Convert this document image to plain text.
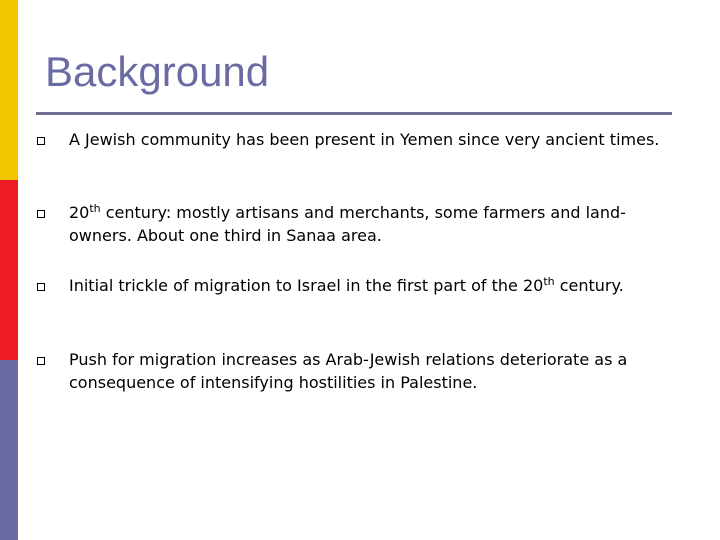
Background
A Jewish community has been present in Yemen since very ancient times.
20th century: mostly artisans and merchants, some farmers and land-owners. About one third in Sanaa area.
Initial trickle of migration to Israel in the first part of the 20th century.
Push for migration increases as Arab-Jewish relations deteriorate as a consequence of intensifying hostilities in Palestine.
